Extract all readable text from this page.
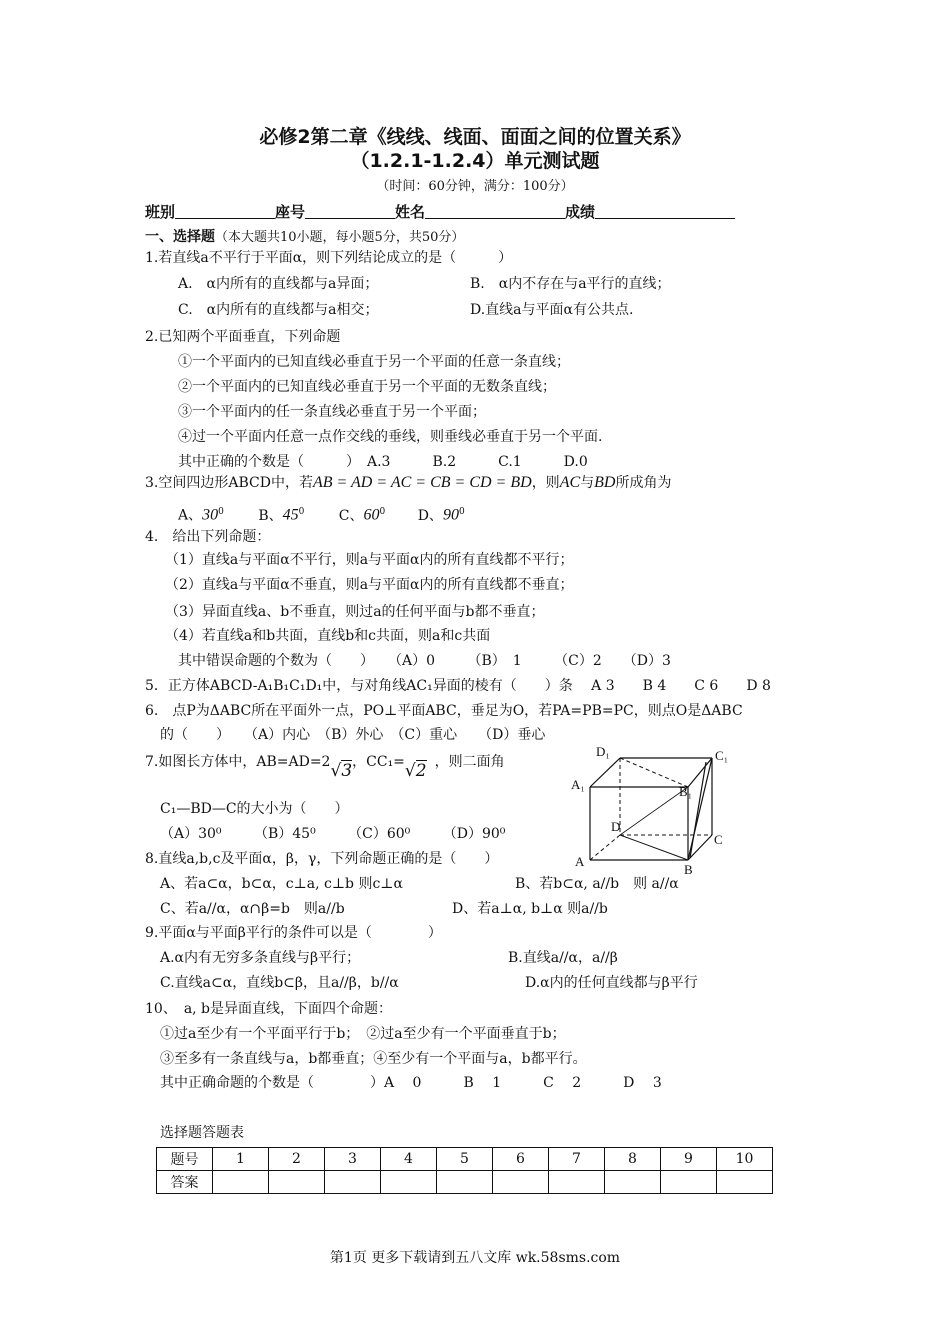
必修2第二章《线线、线面、面面之间的位置关系》
（1.2.1-1.2.4）单元测试题
（时间：60分钟，满分：100分）
班别	座号	姓名	成绩
一、选择题（本大题共10小题，每小题5分，共50分）
1.若直线a不平行于平面α，则下列结论成立的是（　　　）
A.　α内所有的直线都与a异面；	B.　α内不存在与a平行的直线；
C.　α内所有的直线都与a相交；	D.直线a与平面α有公共点.
2.已知两个平面垂直，下列命题
①一个平面内的已知直线必垂直于另一个平面的任意一条直线；
②一个平面内的已知直线必垂直于另一个平面的无数条直线；
③一个平面内的任一条直线必垂直于另一个平面；
④过一个平面内任意一点作交线的垂线，则垂线必垂直于另一个平面.
其中正确的个数是（　　　）　A.3　　　B.2　　　C.1　　　D.0
3.空间四边形ABCD中，若AB = AD = AC = CB = CD = BD，则AC与BD所成角为
A、$30^0$ B、$45^0$ C、$60^0$ D、$90^0$
4.　给出下列命题：
（1）直线a与平面α不平行，则a与平面α内的所有直线都不平行；
（2）直线a与平面α不垂直，则a与平面α内的所有直线都不垂直；
（3）异面直线a、b不垂直，则过a的任何平面与b都不垂直；
（4）若直线a和b共面，直线b和c共面，则a和c共面
其中错误命题的个数为（　　）　　（A）0　　 （B）　1　　 （C）2　　（D）3
5．正方体ABCD-A₁B₁C₁D₁中，与对角线AC₁异面的棱有（　　）条　 A 3　　B 4　　C 6　　D 8
6.　点P为ΔABC所在平面外一点，PO⊥平面ABC，垂足为O，若PA=PB=PC，则点O是ΔABC
的（　　）　　（A）内心　（B）外心　（C）重心　　（D）垂心
7.如图长方体中，AB=AD=2√3，CC₁=√2 ，则二面角
C₁—BD—C的大小为（　　）
（A）30⁰　　 （B）45⁰　　 （C）60⁰　　 （D）90⁰
D₁	C₁
A₁	B₁
D
C
A
B
8.直线a,b,c及平面α，β，γ，下列命题正确的是（　　）
A、若a⊂α，b⊂α，c⊥a, c⊥b 则c⊥α	B、若b⊂α, a//b　则 a//α
C、若a//α，α∩β=b　则a//b	D、若a⊥α, b⊥α 则a//b
9.平面α与平面β平行的条件可以是（　　　　）
A.α内有无穷多条直线与β平行；	B.直线a//α，a//β
C.直线a⊂α，直线b⊂β，且a//β，b//α	D.α内的任何直线都与β平行
10、　a, b是异面直线，下面四个命题：
①过a至少有一个平面平行于b；　②过a至少有一个平面垂直于b；
③至多有一条直线与a，b都垂直；④至少有一个平面与a，b都平行。
其中正确命题的个数是（　　　　）A　 0　　　B　 1　　　C　 2　　　D　 3
选择题答题表
题号	1	2	3	4	5	6	7	8	9	10
答案										
第1页 更多下载请到五八文库 wk.58sms.com
